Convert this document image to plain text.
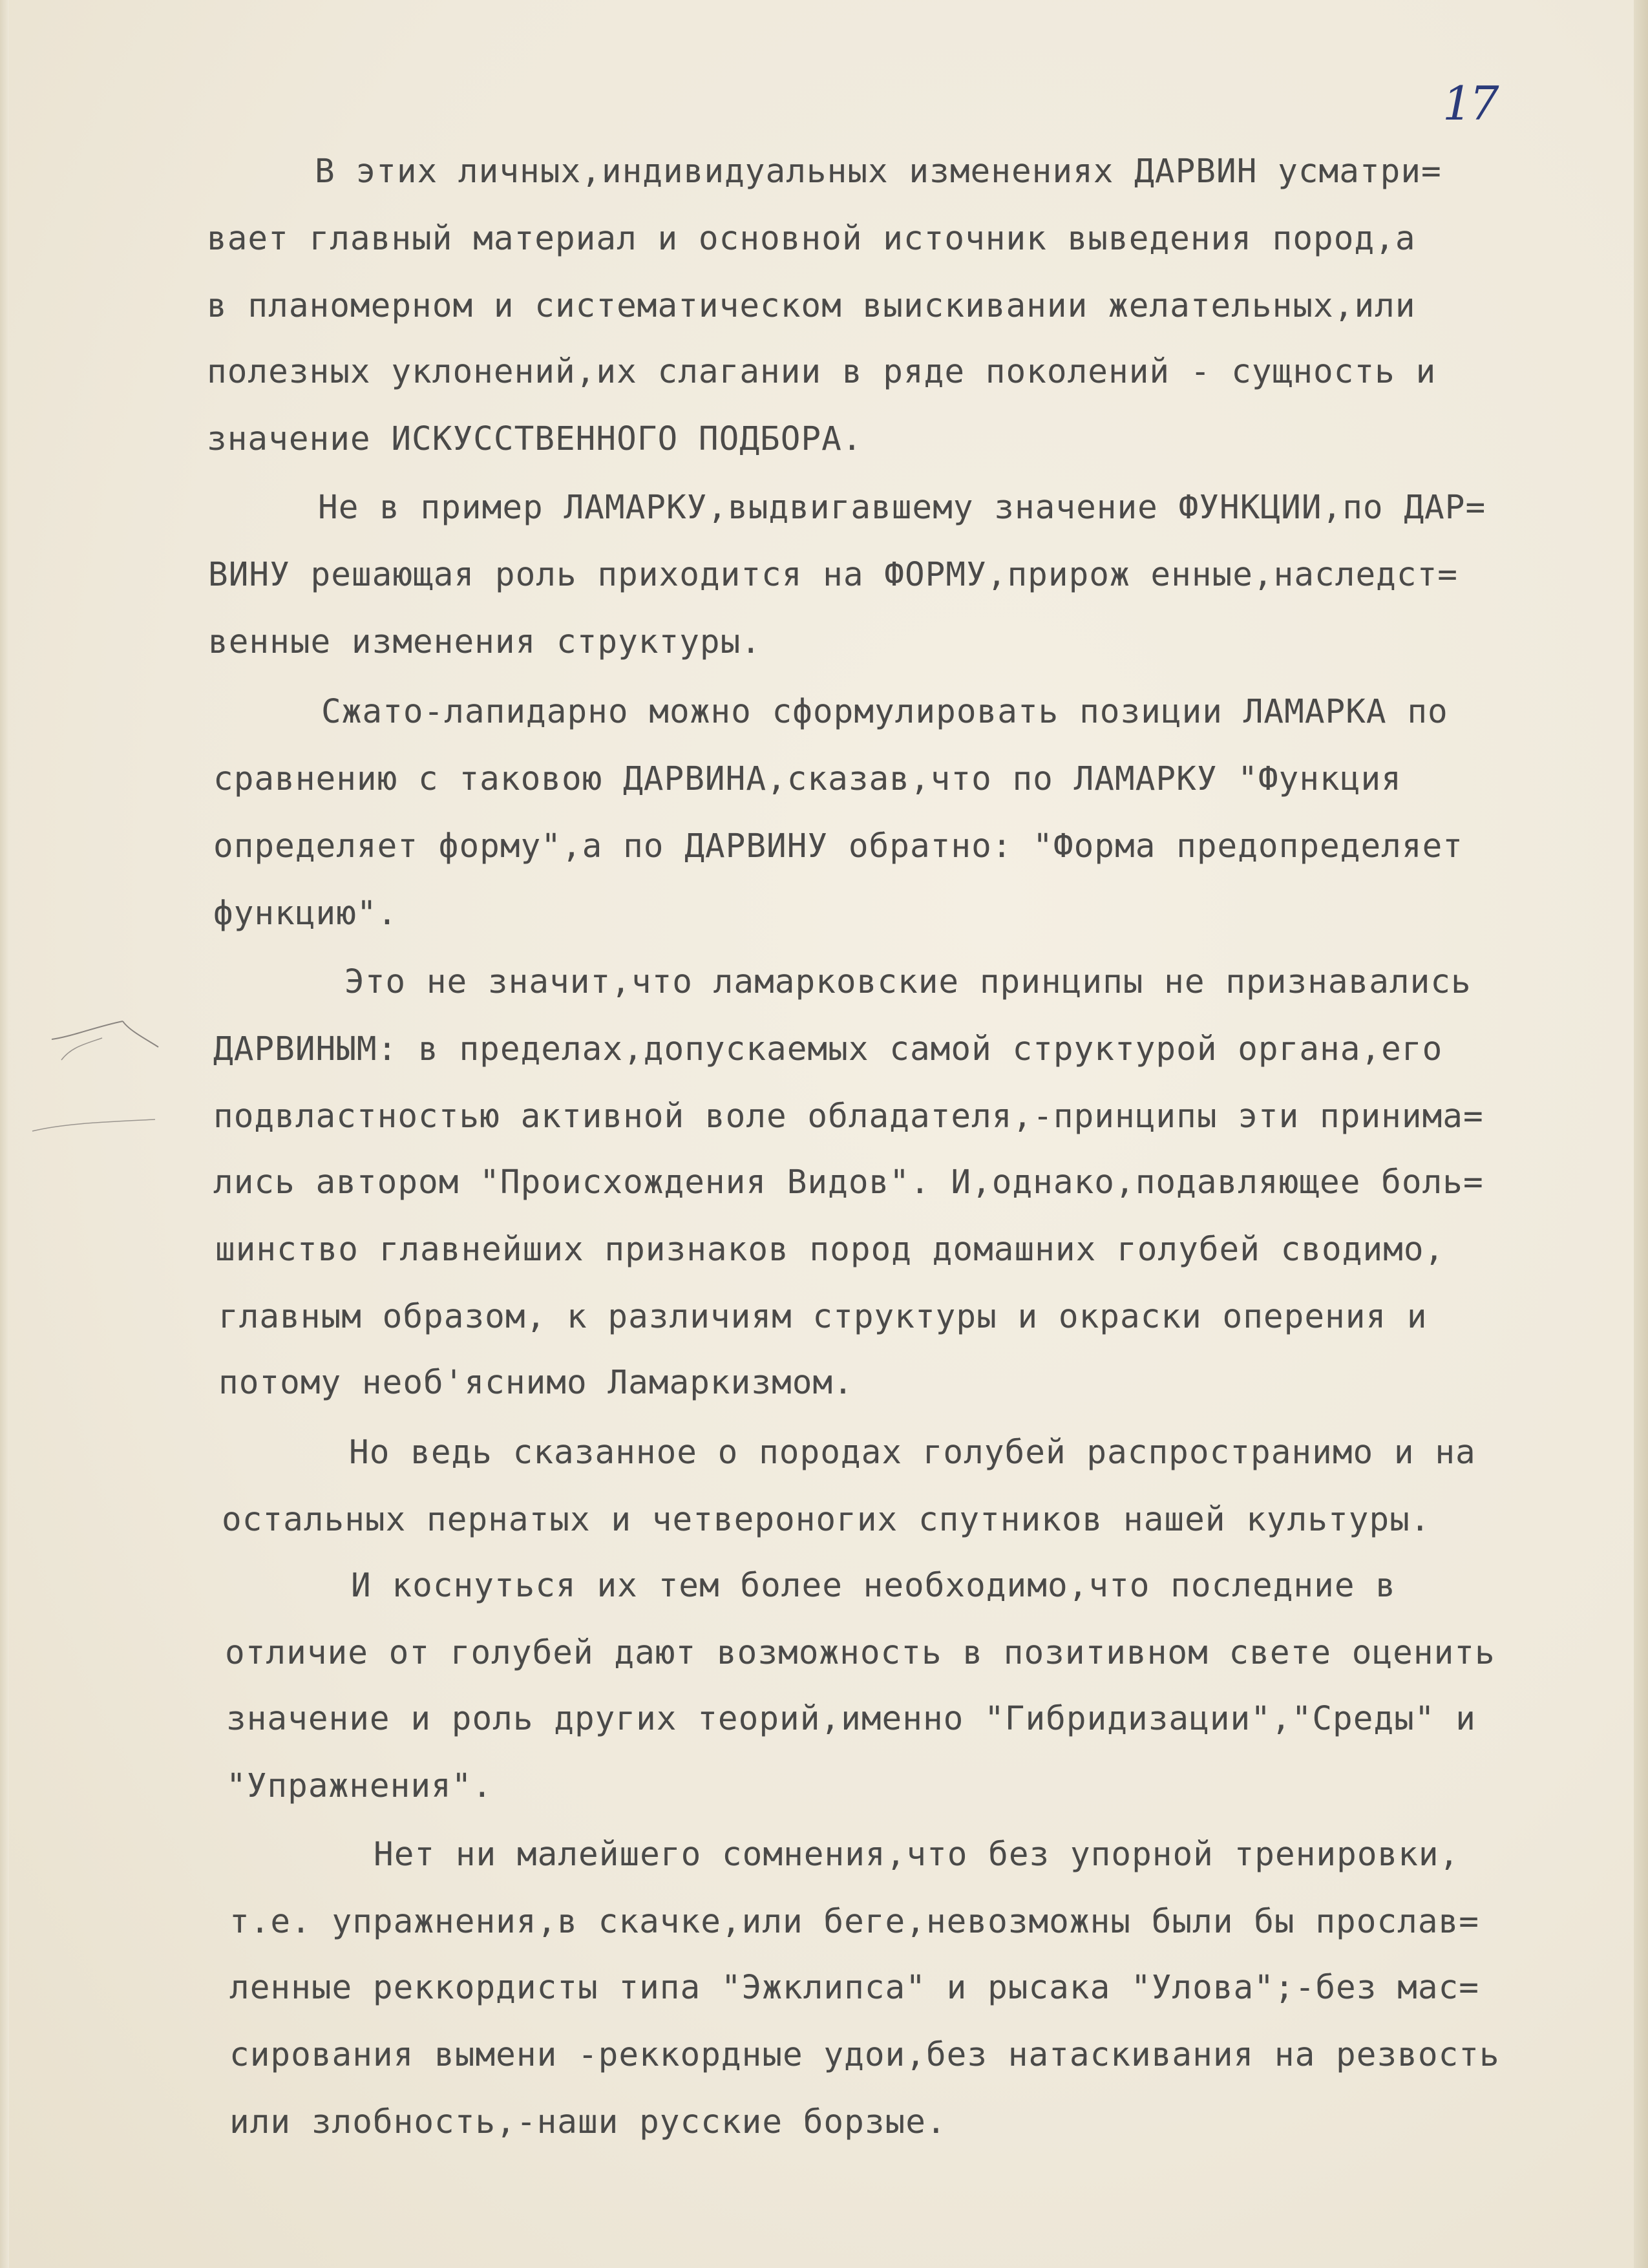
17
В этих личных,индивидуальных изменениях ДАРВИН усматри=
вает главный материал и основной источник выведения пород,а
в планомерном и систематическом выискивании желательных,или
полезных уклонений,их слагании в ряде поколений - сущность и
значение ИСКУССТВЕННОГО ПОДБОРА.
Не в пример ЛАМАРКУ,выдвигавшему значение ФУНКЦИИ,по ДАР=
ВИНУ решающая роль приходится на ФОРМУ,прирож енные,наследст=
венные изменения структуры.
Сжато-лапидарно можно сформулировать позиции ЛАМАРКА по
сравнению с таковою ДАРВИНА,сказав,что по ЛАМАРКУ "Функция
определяет форму",а по ДАРВИНУ обратно: "Форма предопределяет
функцию".
Это не значит,что ламарковские принципы не признавались
ДАРВИНЫМ: в пределах,допускаемых самой структурой органа,его
подвластностью активной воле обладателя,-принципы эти принима=
лись автором "Происхождения Видов". И,однако,подавляющее боль=
шинство главнейших признаков пород домашних голубей сводимо,
главным образом, к различиям структуры и окраски оперения и
потому необ'яснимо Ламаркизмом.
Но ведь сказанное о породах голубей распространимо и на
остальных пернатых и четвероногих спутников нашей культуры.
И коснуться их тем более необходимо,что последние в
отличие от голубей дают возможность в позитивном свете оценить
значение и роль других теорий,именно "Гибридизации","Среды" и
"Упражнения".
Нет ни малейшего сомнения,что без упорной тренировки,
т.е. упражнения,в скачке,или беге,невозможны были бы прослав=
ленные реккордисты типа "Эжклипса" и рысака "Улова";-без мас=
сирования вымени -реккордные удои,без натаскивания на резвость
или злобность,-наши русские борзые.
